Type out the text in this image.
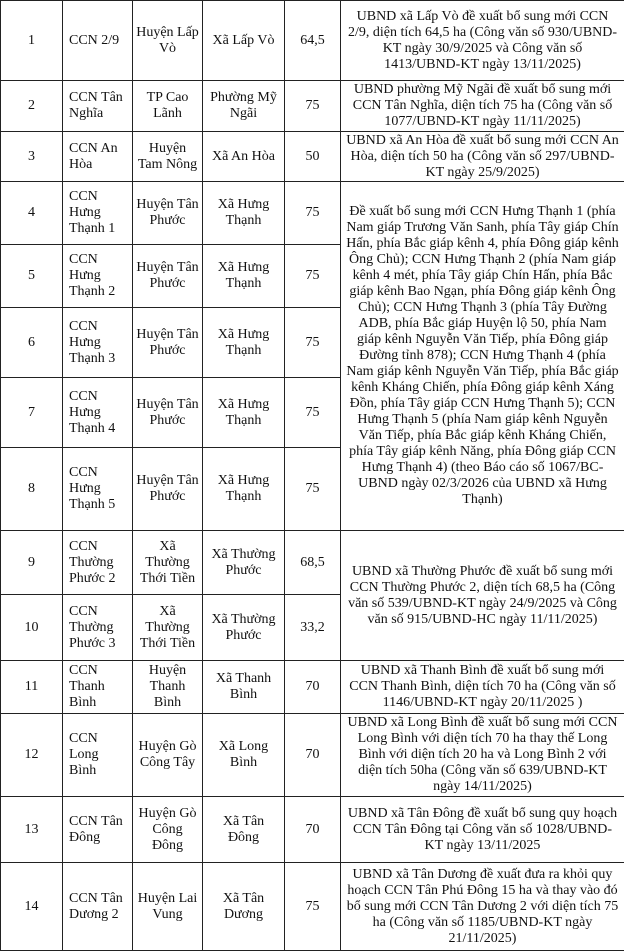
1	CCN 2/9	Huyện Lấp Vò	Xã Lấp Vò	64,5	UBND xã Lấp Vò đề xuất bổ sung mới CCN 2/9, diện tích 64,5 ha (Công văn số 930/UBND-KT ngày 30/9/2025 và Công văn số 1413/UBND-KT ngày 13/11/2025)
2	CCN Tân Nghĩa	TP Cao Lãnh	Phường Mỹ Ngãi	75	UBND phường Mỹ Ngãi đề xuất bổ sung mới CCN Tân Nghĩa, diện tích 75 ha (Công văn số 1077/UBND-KT ngày 11/11/2025)
3	CCN An Hòa	Huyện Tam Nông	Xã An Hòa	50	UBND xã An Hòa đề xuất bổ sung mới CCN An Hòa, diện tích 50 ha (Công văn số 297/UBND-KT ngày 25/9/2025)
4	CCN Hưng Thạnh 1	Huyện Tân Phước	Xã Hưng Thạnh	75	Đề xuất bổ sung mới CCN Hưng Thạnh 1 (phía Nam giáp Trương Văn Sanh, phía Tây giáp Chín Hấn, phía Bắc giáp kênh 4, phía Đông giáp kênh Ông Chủ); CCN Hưng Thạnh 2 (phía Nam giáp kênh 4 mét, phía Tây giáp Chín Hấn, phía Bắc giáp kênh Bao Ngạn, phía Đông giáp kênh Ông Chủ); CCN Hưng Thạnh 3 (phía Tây Đường ADB, phía Bắc giáp Huyện lộ 50, phía Nam giáp kênh Nguyễn Văn Tiếp, phía Đông giáp Đường tỉnh 878); CCN Hưng Thạnh 4 (phía Nam giáp kênh Nguyễn Văn Tiếp, phía Bắc giáp kênh Kháng Chiến, phía Đông giáp kênh Xáng Đồn, phía Tây giáp CCN Hưng Thạnh 5); CCN Hưng Thạnh 5 (phía Nam giáp kênh Nguyễn Văn Tiếp, phía Bắc giáp kênh Kháng Chiến, phía Tây giáp kênh Năng, phía Đông giáp CCN Hưng Thạnh 4) (theo Báo cáo số 1067/BC-UBND ngày 02/3/2026 của UBND xã Hưng Thạnh)
5	CCN Hưng Thạnh 2	Huyện Tân Phước	Xã Hưng Thạnh	75	
6	CCN Hưng Thạnh 3	Huyện Tân Phước	Xã Hưng Thạnh	75	
7	CCN Hưng Thạnh 4	Huyện Tân Phước	Xã Hưng Thạnh	75	
8	CCN Hưng Thạnh 5	Huyện Tân Phước	Xã Hưng Thạnh	75	
9	CCN Thường Phước 2	Xã Thường Thới Tiền	Xã Thường Phước	68,5	UBND xã Thường Phước đề xuất bổ sung mới CCN Thường Phước 2, diện tích 68,5 ha (Công văn số 539/UBND-KT ngày 24/9/2025 và Công văn số 915/UBND-HC ngày 11/11/2025)
10	CCN Thường Phước 3	Xã Thường Thới Tiền	Xã Thường Phước	33,2	
11	CCN Thanh Bình	Huyện Thanh Bình	Xã Thanh Bình	70	UBND xã Thanh Bình đề xuất bổ sung mới CCN Thanh Bình, diện tích 70 ha (Công văn số 1146/UBND-KT ngày 20/11/2025 )
12	CCN Long Bình	Huyện Gò Công Tây	Xã Long Bình	70	UBND xã Long Bình đề xuất bổ sung mới CCN Long Bình với diện tích 70 ha thay thế Long Bình với diện tích 20 ha và Long Bình 2 với diện tích 50ha (Công văn số 639/UBND-KT ngày 14/11/2025)
13	CCN Tân Đông	Huyện Gò Công Đông	Xã Tân Đông	70	UBND xã Tân Đông đề xuất bổ sung quy hoạch CCN Tân Đông tại Công văn số 1028/UBND-KT ngày 13/11/2025
14	CCN Tân Dương 2	Huyện Lai Vung	Xã Tân Dương	75	UBND xã Tân Dương đề xuất đưa ra khỏi quy hoạch CCN Tân Phú Đông 15 ha và thay vào đó bổ sung mới CCN Tân Dương 2 với diện tích 75 ha (Công văn số 1185/UBND-KT ngày 21/11/2025)
